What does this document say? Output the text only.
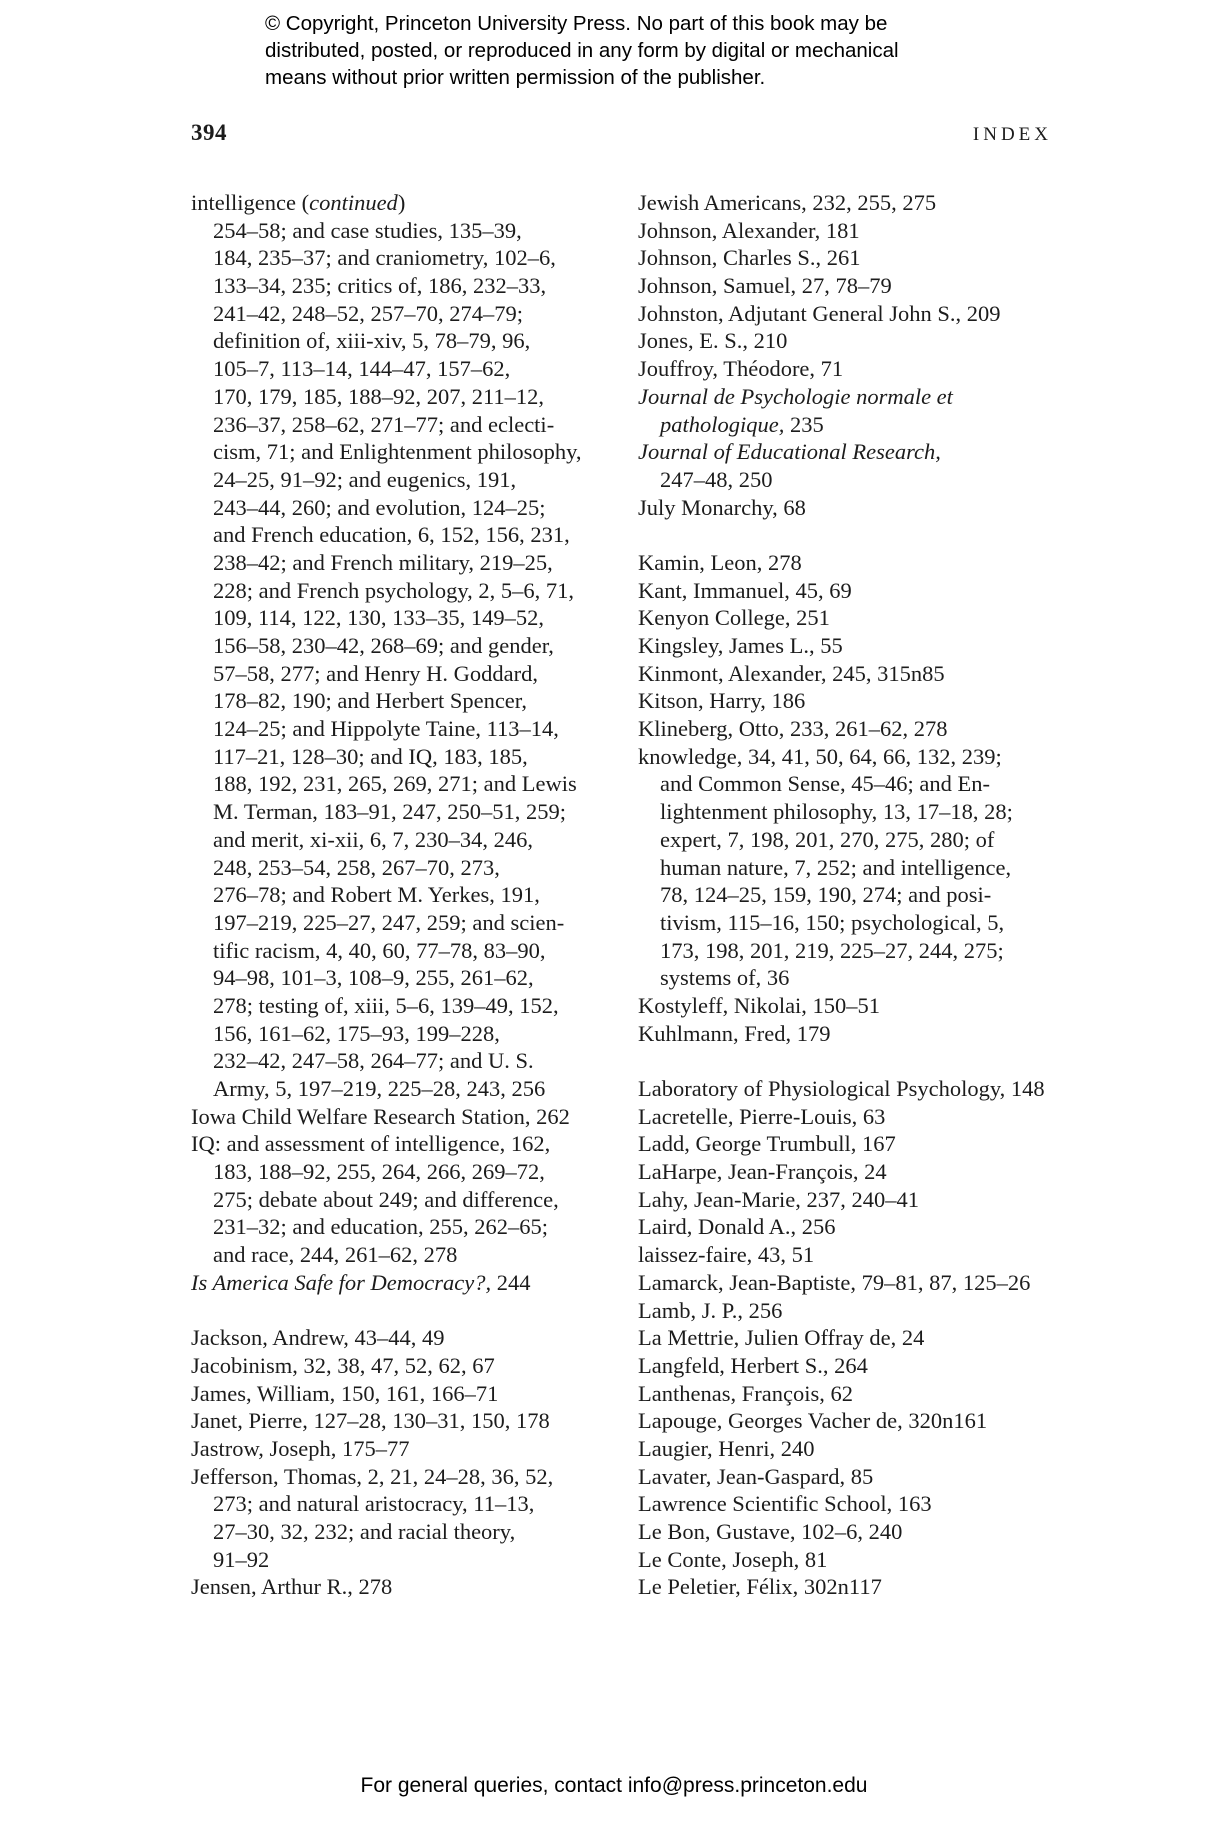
© Copyright, Princeton University Press. No part of this book may be
distributed, posted, or reproduced in any form by digital or mechanical
means without prior written permission of the publisher.
394	INDEX
intelligence (continued)
254–58; and case studies, 135–39,
184, 235–37; and craniometry, 102–6,
133–34, 235; critics of, 186, 232–33,
241–42, 248–52, 257–70, 274–79;
definition of, xiii-xiv, 5, 78–79, 96,
105–7, 113–14, 144–47, 157–62,
170, 179, 185, 188–92, 207, 211–12,
236–37, 258–62, 271–77; and eclecti-
cism, 71; and Enlightenment philosophy,
24–25, 91–92; and eugenics, 191,
243–44, 260; and evolution, 124–25;
and French education, 6, 152, 156, 231,
238–42; and French military, 219–25,
228; and French psychology, 2, 5–6, 71,
109, 114, 122, 130, 133–35, 149–52,
156–58, 230–42, 268–69; and gender,
57–58, 277; and Henry H. Goddard,
178–82, 190; and Herbert Spencer,
124–25; and Hippolyte Taine, 113–14,
117–21, 128–30; and IQ, 183, 185,
188, 192, 231, 265, 269, 271; and Lewis
M. Terman, 183–91, 247, 250–51, 259;
and merit, xi-xii, 6, 7, 230–34, 246,
248, 253–54, 258, 267–70, 273,
276–78; and Robert M. Yerkes, 191,
197–219, 225–27, 247, 259; and scien-
tific racism, 4, 40, 60, 77–78, 83–90,
94–98, 101–3, 108–9, 255, 261–62,
278; testing of, xiii, 5–6, 139–49, 152,
156, 161–62, 175–93, 199–228,
232–42, 247–58, 264–77; and U. S.
Army, 5, 197–219, 225–28, 243, 256
Iowa Child Welfare Research Station, 262
IQ: and assessment of intelligence, 162,
183, 188–92, 255, 264, 266, 269–72,
275; debate about 249; and difference,
231–32; and education, 255, 262–65;
and race, 244, 261–62, 278
Is America Safe for Democracy?, 244
Jackson, Andrew, 43–44, 49
Jacobinism, 32, 38, 47, 52, 62, 67
James, William, 150, 161, 166–71
Janet, Pierre, 127–28, 130–31, 150, 178
Jastrow, Joseph, 175–77
Jefferson, Thomas, 2, 21, 24–28, 36, 52,
273; and natural aristocracy, 11–13,
27–30, 32, 232; and racial theory,
91–92
Jensen, Arthur R., 278
Jewish Americans, 232, 255, 275
Johnson, Alexander, 181
Johnson, Charles S., 261
Johnson, Samuel, 27, 78–79
Johnston, Adjutant General John S., 209
Jones, E. S., 210
Jouffroy, Théodore, 71
Journal de Psychologie normale et
pathologique, 235
Journal of Educational Research,
247–48, 250
July Monarchy, 68
Kamin, Leon, 278
Kant, Immanuel, 45, 69
Kenyon College, 251
Kingsley, James L., 55
Kinmont, Alexander, 245, 315n85
Kitson, Harry, 186
Klineberg, Otto, 233, 261–62, 278
knowledge, 34, 41, 50, 64, 66, 132, 239;
and Common Sense, 45–46; and En-
lightenment philosophy, 13, 17–18, 28;
expert, 7, 198, 201, 270, 275, 280; of
human nature, 7, 252; and intelligence,
78, 124–25, 159, 190, 274; and posi-
tivism, 115–16, 150; psychological, 5,
173, 198, 201, 219, 225–27, 244, 275;
systems of, 36
Kostyleff, Nikolai, 150–51
Kuhlmann, Fred, 179
Laboratory of Physiological Psychology, 148
Lacretelle, Pierre-Louis, 63
Ladd, George Trumbull, 167
LaHarpe, Jean-François, 24
Lahy, Jean-Marie, 237, 240–41
Laird, Donald A., 256
laissez-faire, 43, 51
Lamarck, Jean-Baptiste, 79–81, 87, 125–26
Lamb, J. P., 256
La Mettrie, Julien Offray de, 24
Langfeld, Herbert S., 264
Lanthenas, François, 62
Lapouge, Georges Vacher de, 320n161
Laugier, Henri, 240
Lavater, Jean-Gaspard, 85
Lawrence Scientific School, 163
Le Bon, Gustave, 102–6, 240
Le Conte, Joseph, 81
Le Peletier, Félix, 302n117
For general queries, contact info@press.princeton.edu
